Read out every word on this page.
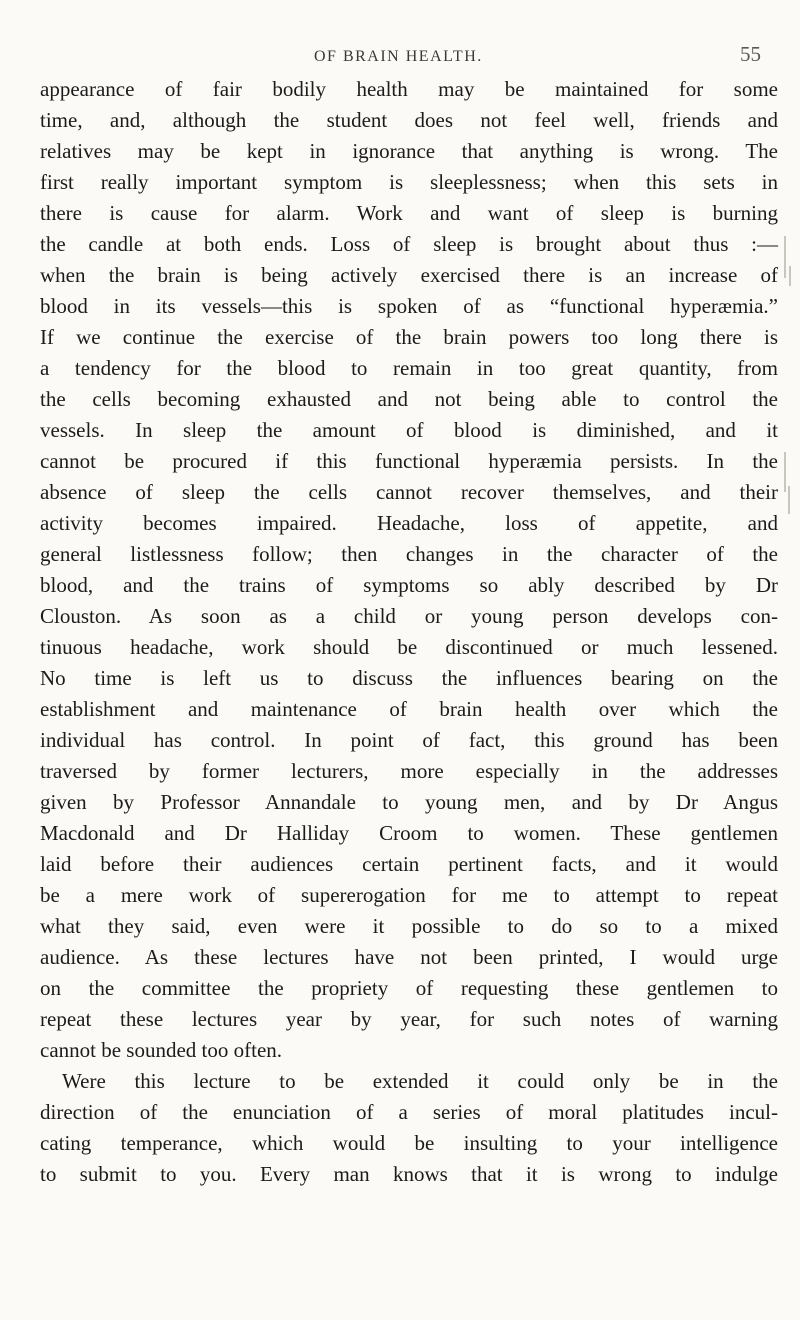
OF BRAIN HEALTH.	55
appearance of fair bodily health may be maintained for some
time, and, although the student does not feel well, friends and
relatives may be kept in ignorance that anything is wrong. The
first really important symptom is sleeplessness; when this sets in
there is cause for alarm. Work and want of sleep is burning
the candle at both ends. Loss of sleep is brought about thus :—
when the brain is being actively exercised there is an increase of
blood in its vessels—this is spoken of as “functional hyperæmia.”
If we continue the exercise of the brain powers too long there is
a tendency for the blood to remain in too great quantity, from
the cells becoming exhausted and not being able to control the
vessels. In sleep the amount of blood is diminished, and it
cannot be procured if this functional hyperæmia persists. In the
absence of sleep the cells cannot recover themselves, and their
activity becomes impaired. Headache, loss of appetite, and
general listlessness follow; then changes in the character of the
blood, and the trains of symptoms so ably described by Dr
Clouston. As soon as a child or young person develops con-
tinuous headache, work should be discontinued or much lessened.
No time is left us to discuss the influences bearing on the
establishment and maintenance of brain health over which the
individual has control. In point of fact, this ground has been
traversed by former lecturers, more especially in the addresses
given by Professor Annandale to young men, and by Dr Angus
Macdonald and Dr Halliday Croom to women. These gentlemen
laid before their audiences certain pertinent facts, and it would
be a mere work of supererogation for me to attempt to repeat
what they said, even were it possible to do so to a mixed
audience. As these lectures have not been printed, I would urge
on the committee the propriety of requesting these gentlemen to
repeat these lectures year by year, for such notes of warning
cannot be sounded too often.
Were this lecture to be extended it could only be in the
direction of the enunciation of a series of moral platitudes incul-
cating temperance, which would be insulting to your intelligence
to submit to you. Every man knows that it is wrong to indulge
